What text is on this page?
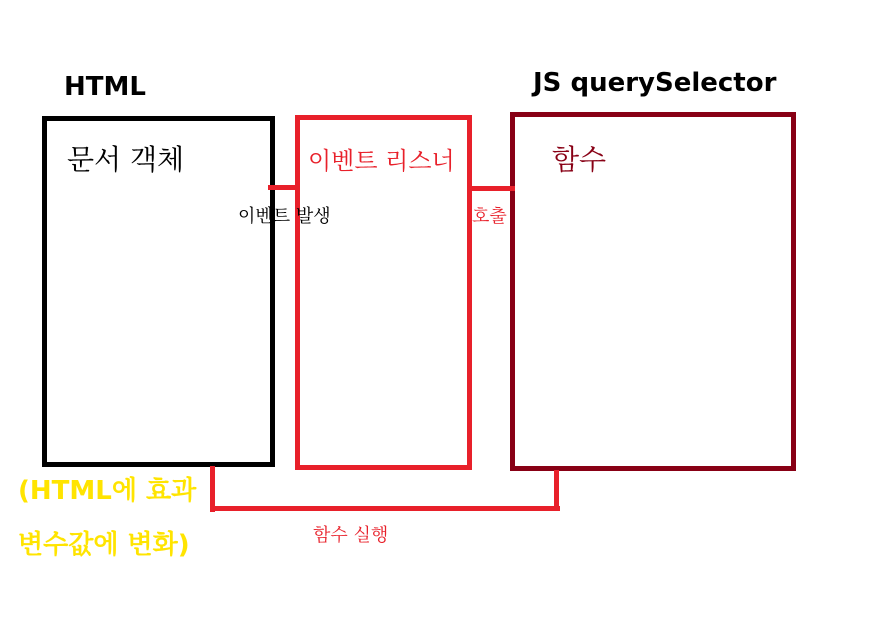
HTML	JS querySelector
문서 객체	이벤트 리스너	함수
이벤트 발생	호출
함수 실행
(HTML에 효과
변수값에 변화)
